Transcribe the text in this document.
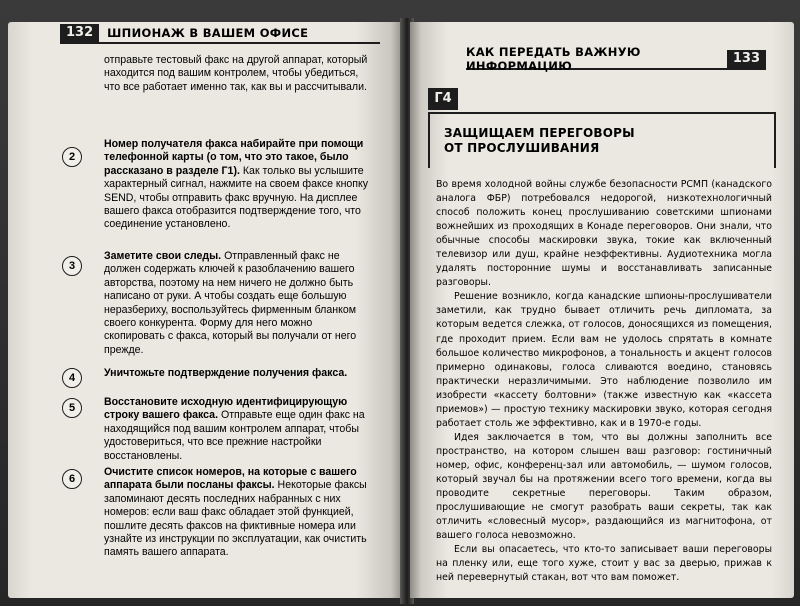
132	ШПИОНАЖ В ВАШЕМ ОФИСЕ
отправьте тестовый факс на другой аппарат, который находится под вашим контролем, чтобы убедиться, что все работает именно так, как вы и рассчитывали.
2
Номер получателя факса набирайте при помощи телефонной карты (о том, что это такое, было рассказано в разделе Г1). Как только вы услышите характерный сигнал, нажмите на своем факсе кнопку SEND, чтобы отправить факс вручную. На дисплее вашего факса отобразится подтверждение того, что соединение установлено.
3
Заметите свои следы. Отправленный факс не должен содержать ключей к разоблачению вашего авторства, поэтому на нем ничего не должно быть написано от руки. А чтобы создать еще большую неразбериху, воспользуйтесь фирменным бланком своего конкурента. Форму для него можно скопировать с факса, который вы получали от него прежде.
4	Уничтожьте подтверждение получения факса.
5	Восстановите исходную идентифицирующую строку вашего факса. Отправьте еще один факс на находящийся под вашим контролем аппарат, чтобы удостовериться, что все прежние настройки восстановлены.
6
Очистите список номеров, на которые с вашего аппарата были посланы факсы. Некоторые факсы запоминают десять последних набранных с них номеров: если ваш факс обладает этой функцией, пошлите десять факсов на фиктивные номера или узнайте из инструкции по эксплуатации, как очистить память вашего аппарата.
КАК ПЕРЕДАТЬ ВАЖНУЮ ИНФОРМАЦИЮ	133
Г4
ЗАЩИЩАЕМ ПЕРЕГОВОРЫ
ОТ ПРОСЛУШИВАНИЯ

Во время холодной войны службе безопасности РСМП (канадского аналога ФБР) потребовался недорогой, низкотехнологичный способ положить конец прослушиванию советскими шпионами вожнейших из проходящих в Конаде переговоров. Они знали, что обычные способы маскировки звука, токие как включенный телевизор или душ, крайне неэффективны. Аудиотехника могла удалять посторонние шумы и восстанавливать записанные разговоры.

Решение возникло, когда канадские шпионы-прослушиватели заметили, как трудно бывает отличить речь дипломата, за которым ведется слежка, от голосов, доносящихся из помещения, где проходит прием. Если вам не удолось спрятать в комнате большое количество микрофонов, а тональность и акцент голосов примерно одинаковы, голоса сливаются воедино, становясь практически неразличимыми. Это наблюдение позволило им изобрести «кассету болтовни» (также известную как «кассета приемов») — простую технику маскировки звуко, которая сегодня работает столь же эффективно, как и в 1970-е годы.

Идея заключается в том, что вы должны заполнить все пространство, на котором слышен ваш разговор: гостиничный номер, офис, конференц-зал или автомобиль, — шумом голосов, который звучал бы на протяжении всего того времени, когда вы проводите секретные переговоры. Таким образом, прослушивающие не смогут разобрать ваши секреты, так как отличить «словесный мусор», раздающийся из магнитофона, от вашего голоса невозможно.

Если вы опасаетесь, что кто-то записывает ваши переговоры на пленку или, еще того хуже, стоит у вас за дверью, прижав к ней перевернутый стакан, вот что вам поможет.
